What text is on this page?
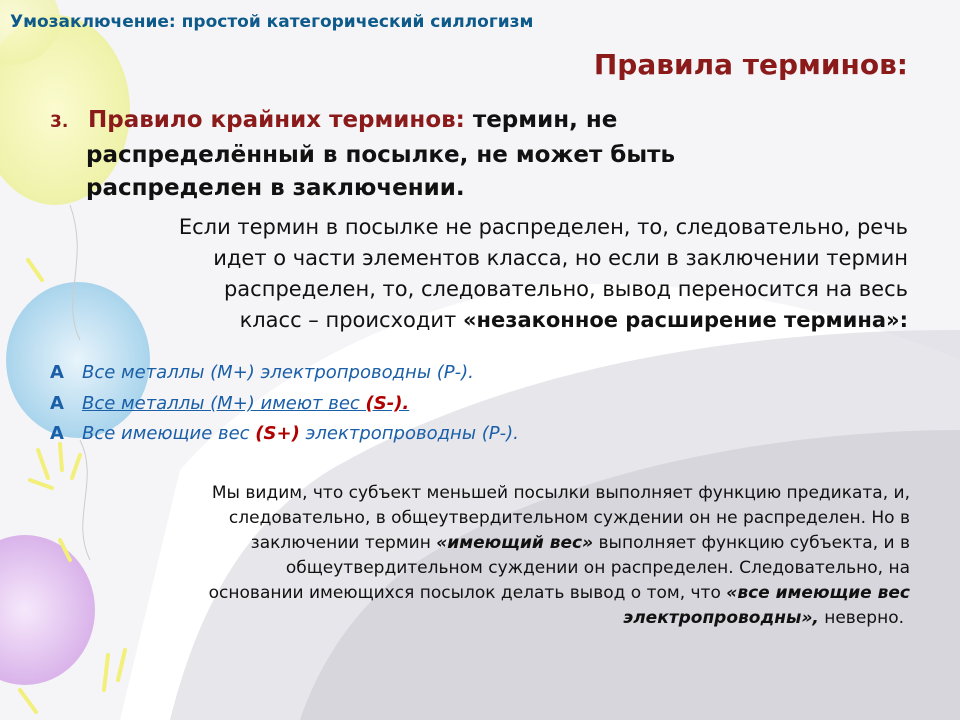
Умозаключение: простой категорический силлогизм
Правила терминов:
3. Правило крайних терминов: термин, не
распределённый в посылке, не может быть
распределен в заключении.
Если термин в посылке не распределен, то, следовательно, речь
идет о части элементов класса, но если в заключении термин
распределен, то, следовательно, вывод переносится на весь
класс – происходит «незаконное расширение термина»:
A Все металлы (М+) электропроводны (Р-).
A Все металлы (М+) имеют вес (S-).
A Все имеющие вес (S+) электропроводны (Р-).
Мы видим, что субъект меньшей посылки выполняет функцию предиката, и,
следовательно, в общеутвердительном суждении он не распределен. Но в
заключении термин «имеющий вес» выполняет функцию субъекта, и в
общеутвердительном суждении он распределен. Следовательно, на
основании имеющихся посылок делать вывод о том, что «все имеющие вес
электропроводны», неверно.
